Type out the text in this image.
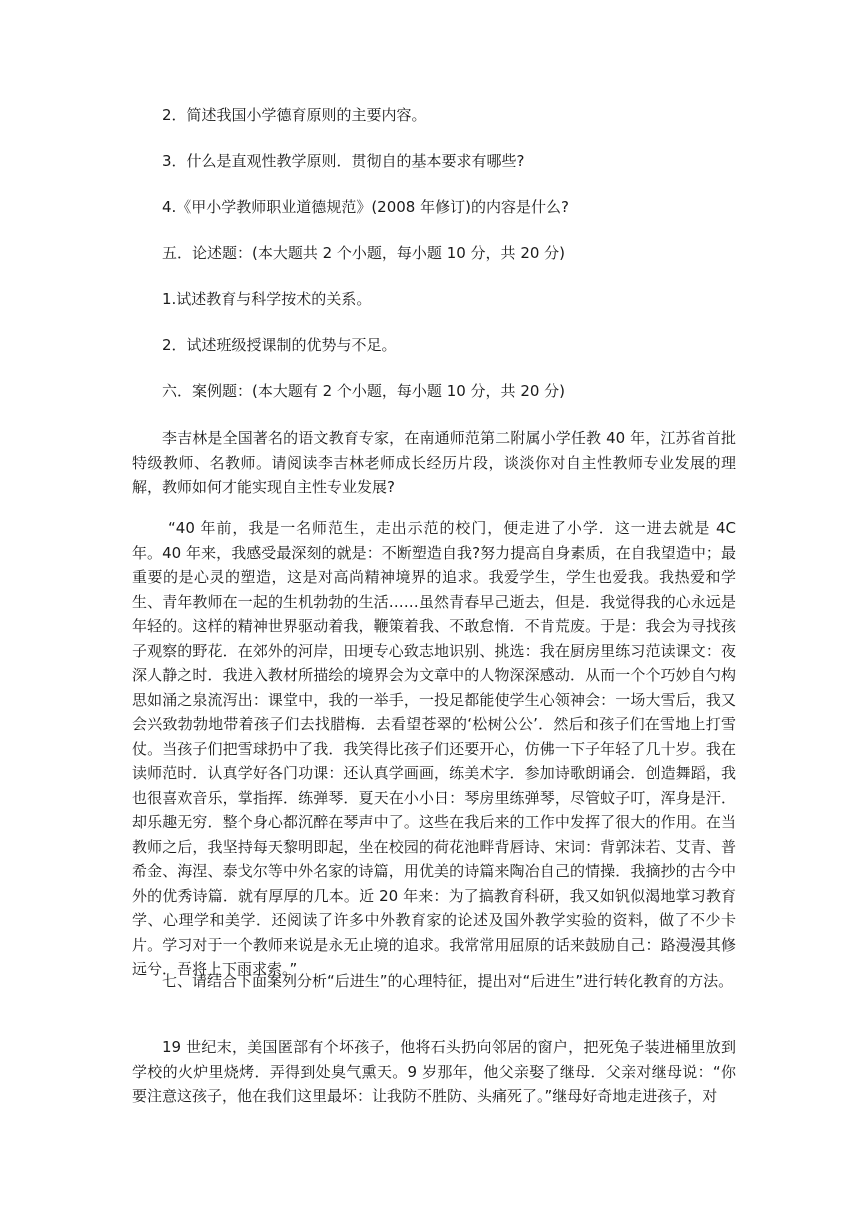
2．简述我国小学德育原则的主要内容。
3．什么是直观性教学原则．贯彻自的基本要求有哪些?
4.《甲小学教师职业道德规范》(2008 年修订)的内容是什么?
五．论述题：(本大题共 2 个小题，每小题 10 分，共 20 分)
1.试述教育与科学按术的关系。
2．试述班级授课制的优势与不足。
六．案例题：(本大题有 2 个小题，每小题 10 分，共 20 分)
李吉林是全国著名的语文教育专家，在南通师范第二附属小学任教 40 年，江苏省首批特级教师、名教师。请阅读李吉林老师成长经历片段，谈淡你对自主性教师专业发展的理解，教师如何才能实现自主性专业发展?
“40 年前，我是一名师范生，走出示范的校门，便走进了小学．这一进去就是 4C 年。40 年来，我感受最深刻的就是：不断塑造自我?努力提高自身素质，在自我望造中；最重要的是心灵的塑造，这是对高尚精神境界的追求。我爱学生，学生也爱我。我热爱和学生、青年教师在一起的生机勃勃的生活……虽然青春早己逝去，但是．我觉得我的心永远是年轻的。这样的精神世界驱动着我，鞭策着我、不敢怠惰．不肯荒废。于是：我会为寻找孩子观察的野花．在郊外的河岸，田埂专心致志地识别、挑选：我在厨房里练习范读课文：夜深人静之时．我进入教材所描绘的境界会为文章中的人物深深感动．从而一个个巧妙自勺构思如涌之泉流泻出：课堂中，我的一举手，一投足都能使学生心领神会：一场大雪后，我又会兴致勃勃地带着孩子们去找腊梅．去看望苍翠的‘松树公公’．然后和孩子们在雪地上打雪仗。当孩子们把雪球扔中了我．我笑得比孩子们还要开心，仿佛一下子年轻了几十岁。我在读师范时．认真学好各门功课：还认真学画画，练美术字．参加诗歌朗诵会．创造舞蹈，我也很喜欢音乐，掌指挥．练弹琴．夏天在小小日：琴房里练弹琴，尽管蚊子叮，浑身是汗．却乐趣无穷．整个身心都沉醉在琴声中了。这些在我后来的工作中发挥了很大的作用。在当教师之后，我坚持每天黎明即起，坐在校园的荷花池畔背唇诗、宋词：背郭沫若、艾青、普希金、海涅、泰戈尔等中外名家的诗篇，用优美的诗篇来陶冶自己的情操．我摘抄的古今中外的优秀诗篇．就有厚厚的几本。近 20 年来：为了搞教育科研，我又如钒似渴地掌习教育学、心理学和美学．还阅读了许多中外教育家的论述及国外教学实验的资料，做了不少卡片。学习对于一个教师来说是永无止境的追求。我常常用屈原的话来鼓励自己：路漫漫其修远兮．吾将上下雨求索。”
七、请结合下面案列分析“后进生”的心理特征，提出对“后进生”进行转化教育的方法。
19 世纪末，美国匿部有个坏孩子，他将石头扔向邻居的窗户，把死兔子装进桶里放到学校的火炉里烧烤．弄得到处臭气熏天。9 岁那年，他父亲娶了继母．父亲对继母说：“你要注意这孩子，他在我们这里最坏：让我防不胜防、头痛死了。”继母好奇地走进孩子，对
